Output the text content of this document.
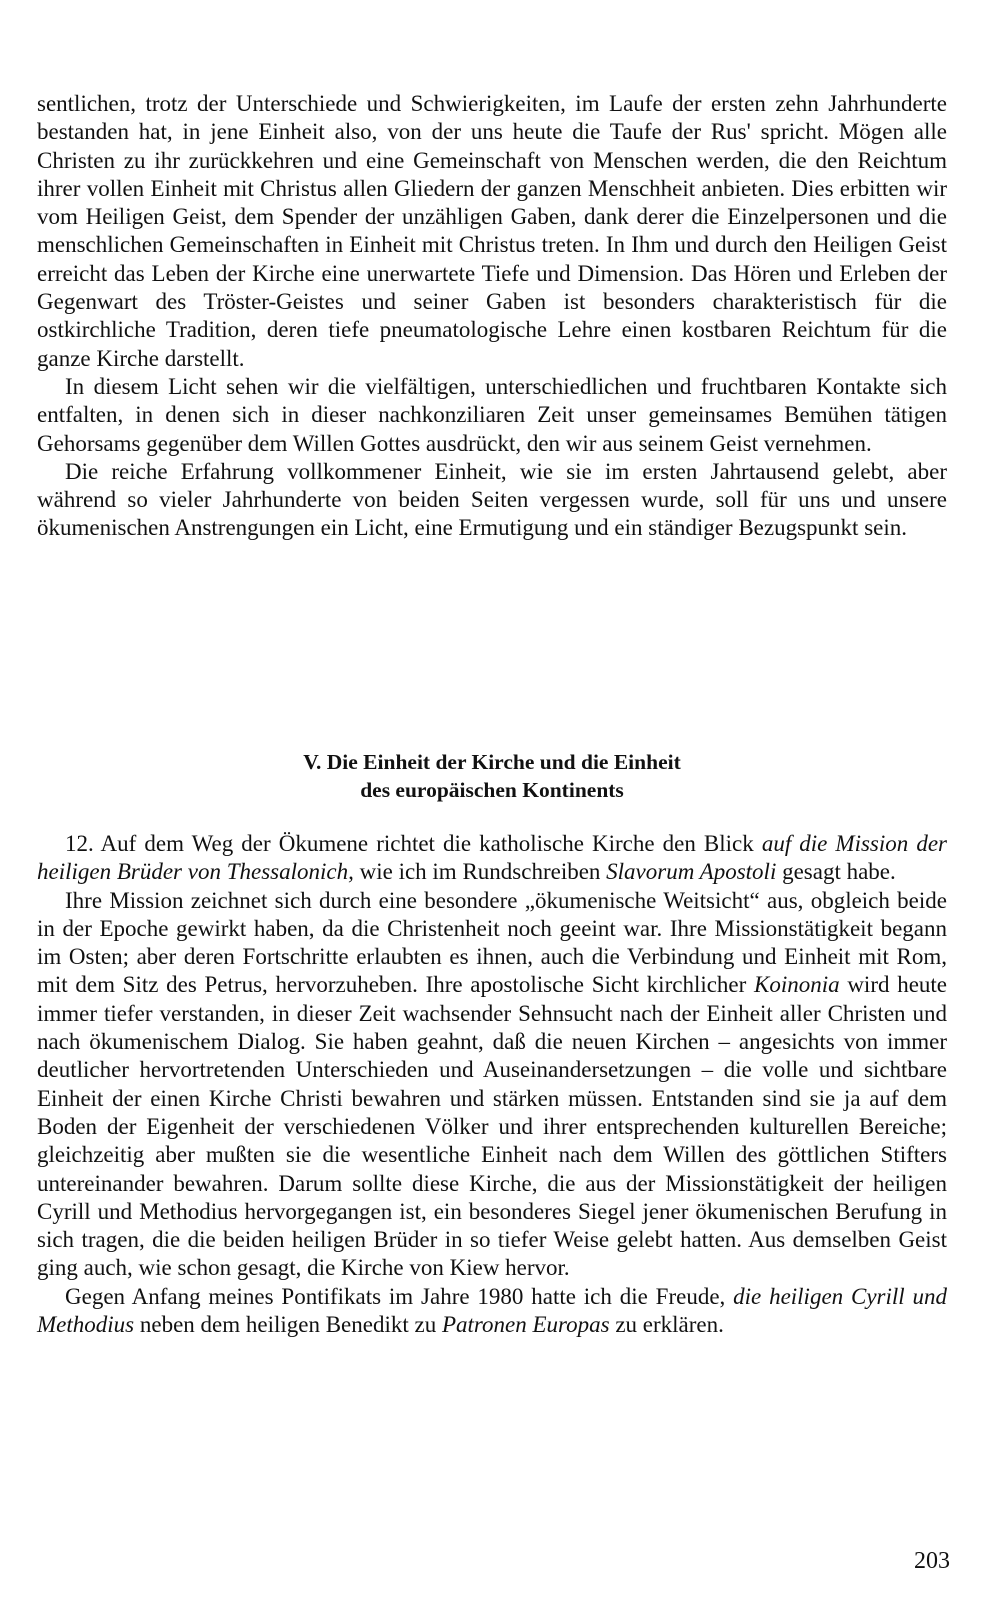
sentlichen, trotz der Unterschiede und Schwierigkeiten, im Laufe der ersten zehn Jahrhunderte bestanden hat, in jene Einheit also, von der uns heute die Taufe der Rus' spricht. Mögen alle Christen zu ihr zurückkehren und eine Gemeinschaft von Menschen werden, die den Reichtum ihrer vollen Einheit mit Christus allen Gliedern der ganzen Menschheit anbieten. Dies erbitten wir vom Heiligen Geist, dem Spender der unzähligen Gaben, dank derer die Einzelpersonen und die menschlichen Gemeinschaften in Einheit mit Christus treten. In Ihm und durch den Heiligen Geist erreicht das Leben der Kirche eine unerwartete Tiefe und Dimension. Das Hören und Erleben der Gegenwart des Tröster-Geistes und seiner Gaben ist besonders charakteristisch für die ostkirchliche Tradition, deren tiefe pneumatologische Lehre einen kostbaren Reichtum für die ganze Kirche darstellt.

In diesem Licht sehen wir die vielfältigen, unterschiedlichen und fruchtbaren Kontakte sich entfalten, in denen sich in dieser nachkonziliaren Zeit unser gemeinsames Bemühen tätigen Gehorsams gegenüber dem Willen Gottes ausdrückt, den wir aus seinem Geist vernehmen.

Die reiche Erfahrung vollkommener Einheit, wie sie im ersten Jahrtausend gelebt, aber während so vieler Jahrhunderte von beiden Seiten vergessen wurde, soll für uns und unsere ökumenischen Anstrengungen ein Licht, eine Ermutigung und ein ständiger Bezugspunkt sein.

V. Die Einheit der Kirche und die Einheit
des europäischen Kontinents

12. Auf dem Weg der Ökumene richtet die katholische Kirche den Blick auf die Mission der heiligen Brüder von Thessalonich, wie ich im Rundschreiben Slavorum Apostoli gesagt habe.

Ihre Mission zeichnet sich durch eine besondere „ökumenische Weitsicht“ aus, obgleich beide in der Epoche gewirkt haben, da die Christenheit noch geeint war. Ihre Missionstätigkeit begann im Osten; aber deren Fortschritte erlaubten es ihnen, auch die Verbindung und Einheit mit Rom, mit dem Sitz des Petrus, hervorzuheben. Ihre apostolische Sicht kirchlicher Koinonia wird heute immer tiefer verstanden, in dieser Zeit wachsender Sehnsucht nach der Einheit aller Christen und nach ökumenischem Dialog. Sie haben geahnt, daß die neuen Kirchen – angesichts von immer deutlicher hervortretenden Unterschieden und Auseinandersetzungen – die volle und sichtbare Einheit der einen Kirche Christi bewahren und stärken müssen. Entstanden sind sie ja auf dem Boden der Eigenheit der verschiedenen Völker und ihrer entsprechenden kulturellen Bereiche; gleichzeitig aber mußten sie die wesentliche Einheit nach dem Willen des göttlichen Stifters untereinander bewahren. Darum sollte diese Kirche, die aus der Missionstätigkeit der heiligen Cyrill und Methodius hervorgegangen ist, ein besonderes Siegel jener ökumenischen Berufung in sich tragen, die die beiden heiligen Brüder in so tiefer Weise gelebt hatten. Aus demselben Geist ging auch, wie schon gesagt, die Kirche von Kiew hervor.

Gegen Anfang meines Pontifikats im Jahre 1980 hatte ich die Freude, die heiligen Cyrill und Methodius neben dem heiligen Benedikt zu Patronen Europas zu erklären.

203
